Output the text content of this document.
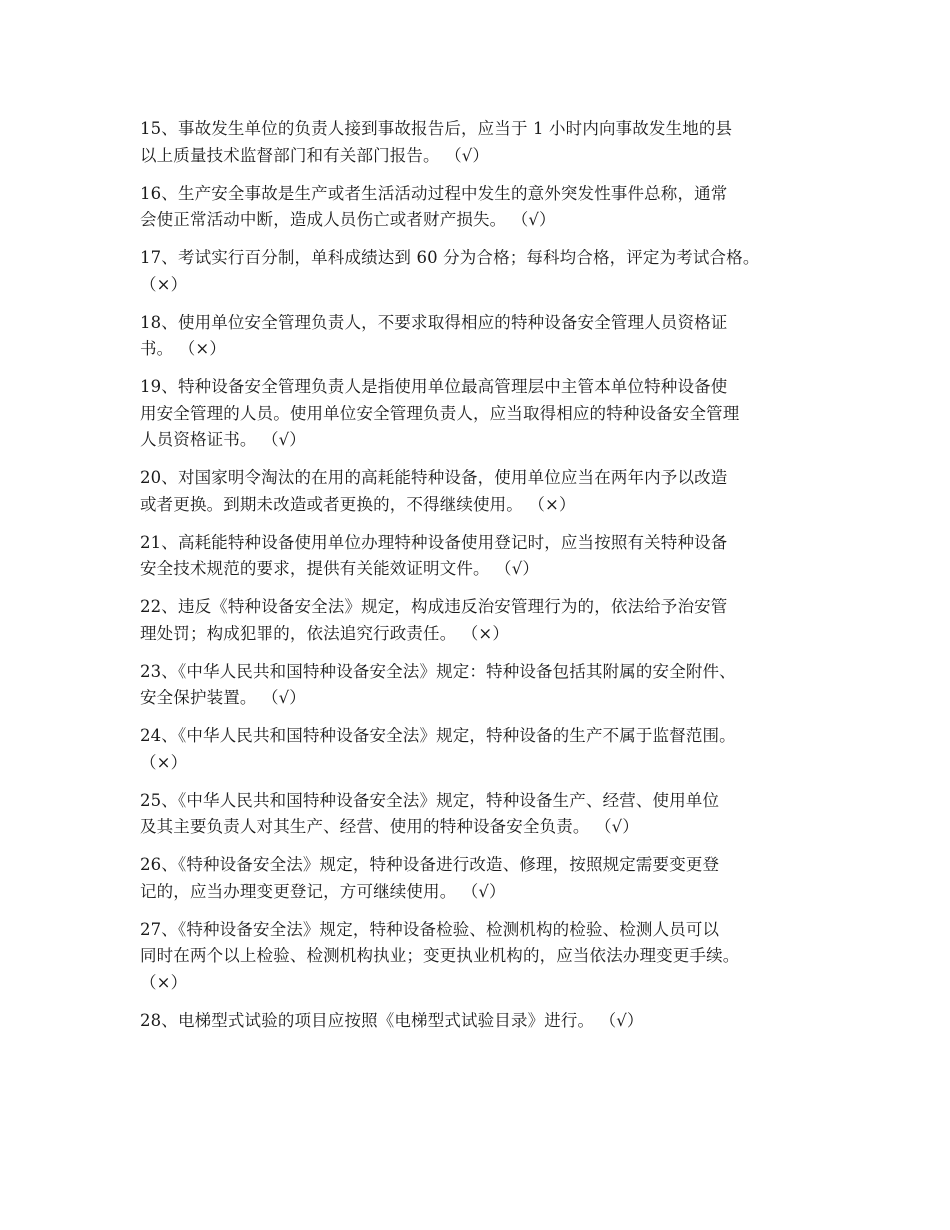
15、事故发生单位的负责人接到事故报告后，应当于 1 小时内向事故发生地的县
以上质量技术监督部门和有关部门报告。 （√）
16、生产安全事故是生产或者生活活动过程中发生的意外突发性事件总称，通常
会使正常活动中断，造成人员伤亡或者财产损失。 （√）
17、考试实行百分制，单科成绩达到 60 分为合格；每科均合格，评定为考试合格。
（×）
18、使用单位安全管理负责人，不要求取得相应的特种设备安全管理人员资格证
书。 （×）
19、特种设备安全管理负责人是指使用单位最高管理层中主管本单位特种设备使
用安全管理的人员。使用单位安全管理负责人，应当取得相应的特种设备安全管理
人员资格证书。 （√）
20、对国家明令淘汰的在用的高耗能特种设备，使用单位应当在两年内予以改造
或者更换。到期未改造或者更换的，不得继续使用。 （×）
21、高耗能特种设备使用单位办理特种设备使用登记时，应当按照有关特种设备
安全技术规范的要求，提供有关能效证明文件。 （√）
22、违反《特种设备安全法》规定，构成违反治安管理行为的，依法给予治安管
理处罚；构成犯罪的，依法追究行政责任。 （×）
23、《中华人民共和国特种设备安全法》规定：特种设备包括其附属的安全附件、
安全保护装置。 （√）
24、《中华人民共和国特种设备安全法》规定，特种设备的生产不属于监督范围。
（×）
25、《中华人民共和国特种设备安全法》规定，特种设备生产、经营、使用单位
及其主要负责人对其生产、经营、使用的特种设备安全负责。 （√）
26、《特种设备安全法》规定，特种设备进行改造、修理，按照规定需要变更登
记的，应当办理变更登记，方可继续使用。 （√）
27、《特种设备安全法》规定，特种设备检验、检测机构的检验、检测人员可以
同时在两个以上检验、检测机构执业；变更执业机构的，应当依法办理变更手续。
（×）
28、电梯型式试验的项目应按照《电梯型式试验目录》进行。 （√）
